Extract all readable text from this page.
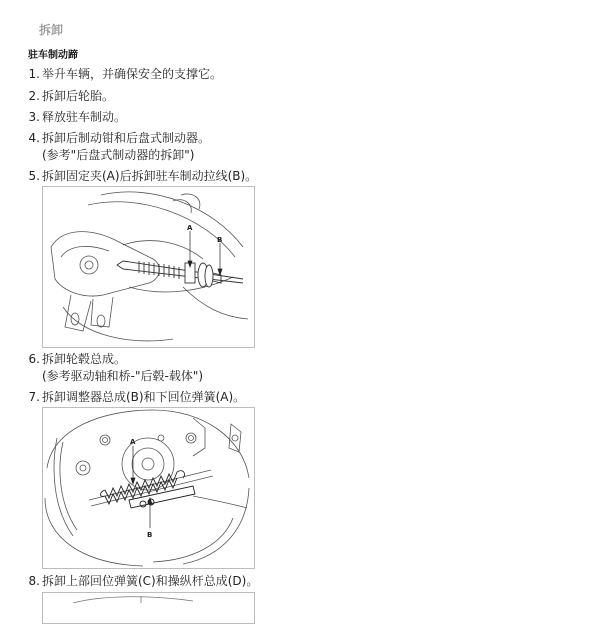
拆卸
驻车制动蹄
1. 举升车辆，并确保安全的支撑它。
2. 拆卸后轮胎。
3. 释放驻车制动。
4. 拆卸后制动钳和后盘式制动器。
(参考"后盘式制动器的拆卸")
5. 拆卸固定夹(A)后拆卸驻车制动拉线(B)。
A
B
6. 拆卸轮毂总成。
(参考驱动轴和桥-"后毂-载体")
7. 拆卸调整器总成(B)和下回位弹簧(A)。
A
B
8. 拆卸上部回位弹簧(C)和操纵杆总成(D)。
